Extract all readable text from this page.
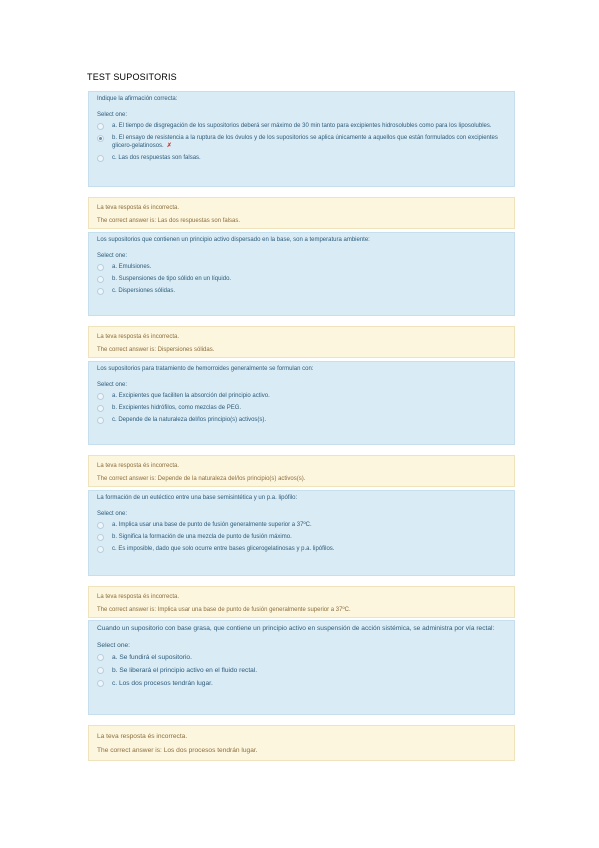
TEST SUPOSITORIS
Indique la afirmación correcta:
Select one:
a. El tiempo de disgregación de los supositorios deberá ser máximo de 30 min tanto para excipientes hidrosolubles como para los liposolubles.
b. El ensayo de resistencia a la ruptura de los óvulos y de los supositorios se aplica únicamente a aquellos que están formulados con excipientes glicero-gelatinosos. ✗
c. Las dos respuestas son falsas.
La teva resposta és incorrecta.
The correct answer is: Las dos respuestas son falsas.
Los supositorios que contienen un principio activo dispersado en la base, son a temperatura ambiente:
Select one:
a. Emulsiones.
b. Suspensiones de tipo sólido en un líquido.
c. Dispersiones sólidas.
La teva resposta és incorrecta.
The correct answer is: Dispersiones sólidas.
Los supositorios para tratamiento de hemorroides generalmente se formulan con:
Select one:
a. Excipientes que faciliten la absorción del principio activo.
b. Excipientes hidrófilos, como mezclas de PEG.
c. Depende de la naturaleza del/los principio(s) activos(s).
La teva resposta és incorrecta.
The correct answer is: Depende de la naturaleza del/los principio(s) activos(s).
La formación de un eutéctico entre una base semisintética y un p.a. lipófilo:
Select one:
a. Implica usar una base de punto de fusión generalmente superior a 37ºC.
b. Significa la formación de una mezcla de punto de fusión máximo.
c. Es imposible, dado que solo ocurre entre bases glicerogelatinosas y p.a. lipófilos.
La teva resposta és incorrecta.
The correct answer is: Implica usar una base de punto de fusión generalmente superior a 37ºC.
Cuando un supositorio con base grasa, que contiene un principio activo en suspensión de acción sistémica, se administra por vía rectal:
Select one:
a. Se fundirá el supositorio.
b. Se liberará el principio activo en el fluido rectal.
c. Los dos procesos tendrán lugar.
La teva resposta és incorrecta.
The correct answer is: Los dos procesos tendrán lugar.
